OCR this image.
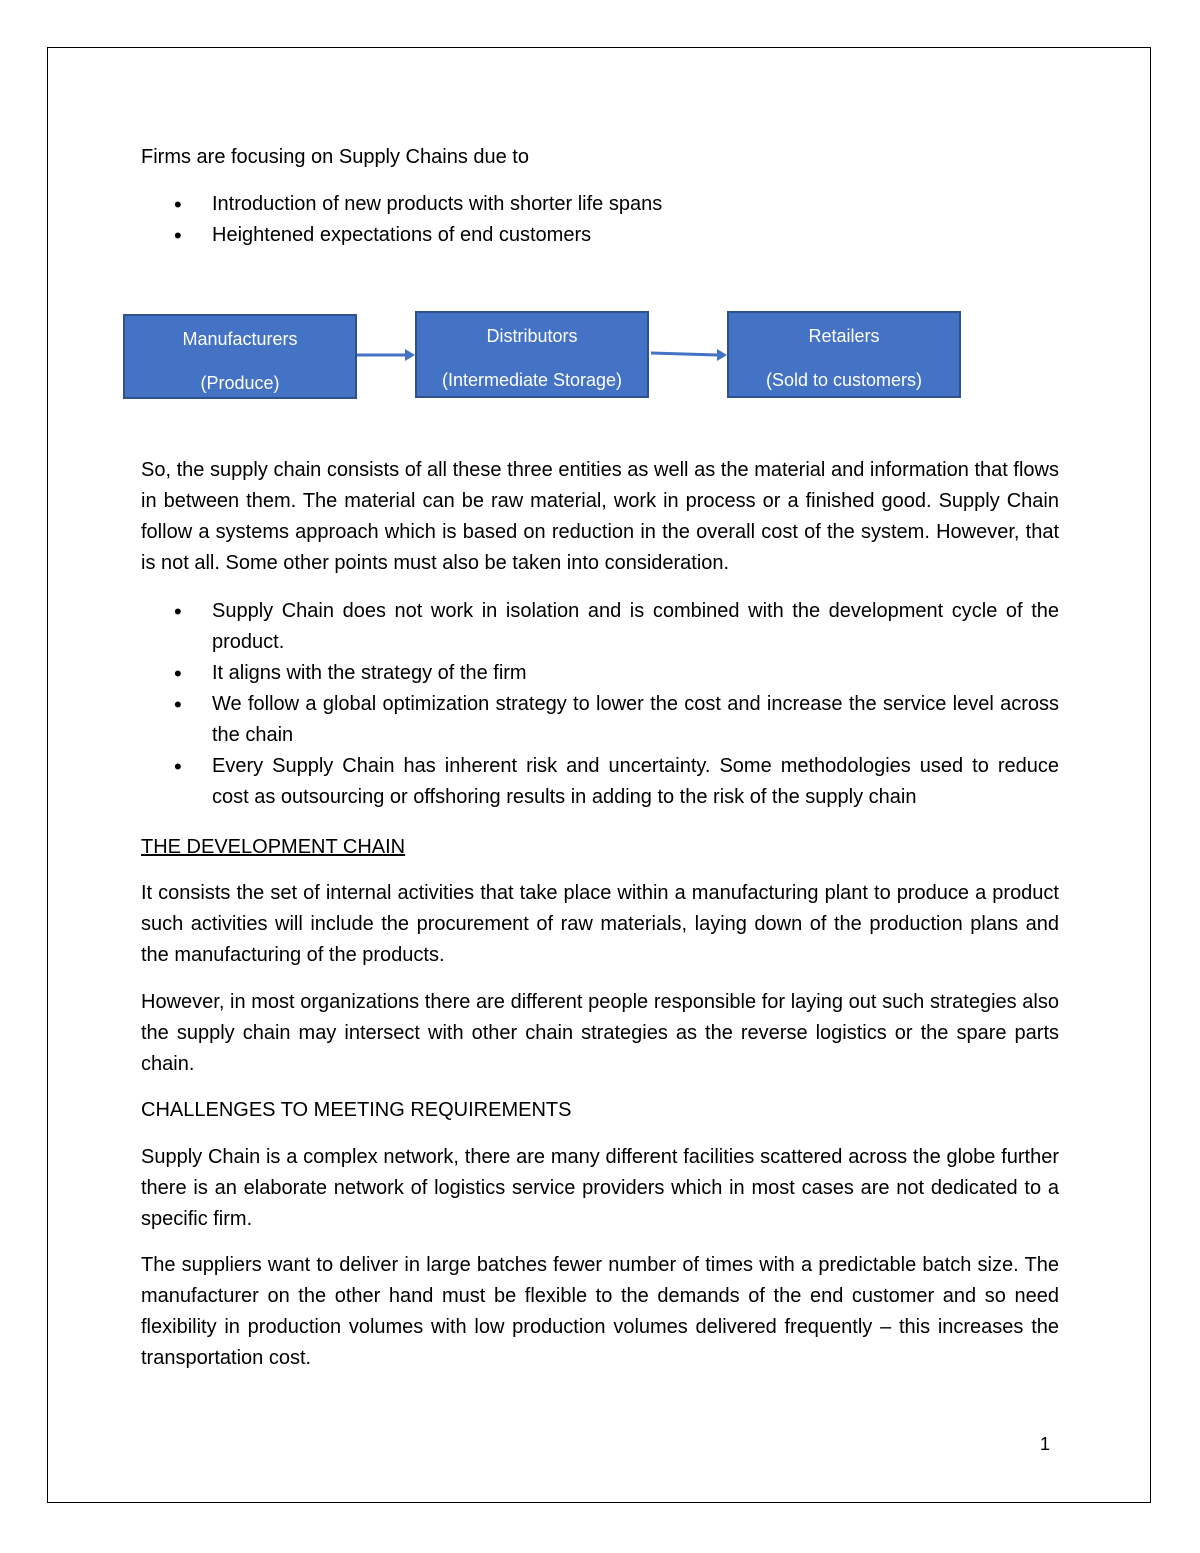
Firms are focusing on Supply Chains due to

• Introduction of new products with shorter life spans
• Heightened expectations of end customers
Manufacturers
(Produce)
Distributors
(Intermediate Storage)
Retailers
(Sold to customers)

So, the supply chain consists of all these three entities as well as the material and information that flows in between them. The material can be raw material, work in process or a finished good. Supply Chain follow a systems approach which is based on reduction in the overall cost of the system. However, that is not all. Some other points must also be taken into consideration.

• Supply Chain does not work in isolation and is combined with the development cycle of the product.
• It aligns with the strategy of the firm
• We follow a global optimization strategy to lower the cost and increase the service level across the chain
• Every Supply Chain has inherent risk and uncertainty. Some methodologies used to reduce cost as outsourcing or offshoring results in adding to the risk of the supply chain

THE DEVELOPMENT CHAIN

It consists the set of internal activities that take place within a manufacturing plant to produce a product such activities will include the procurement of raw materials, laying down of the production plans and the manufacturing of the products.

However, in most organizations there are different people responsible for laying out such strategies also the supply chain may intersect with other chain strategies as the reverse logistics or the spare parts chain.

CHALLENGES TO MEETING REQUIREMENTS

Supply Chain is a complex network, there are many different facilities scattered across the globe further there is an elaborate network of logistics service providers which in most cases are not dedicated to a specific firm.

The suppliers want to deliver in large batches fewer number of times with a predictable batch size. The manufacturer on the other hand must be flexible to the demands of the end customer and so need flexibility in production volumes with low production volumes delivered frequently – this increases the transportation cost.

1
